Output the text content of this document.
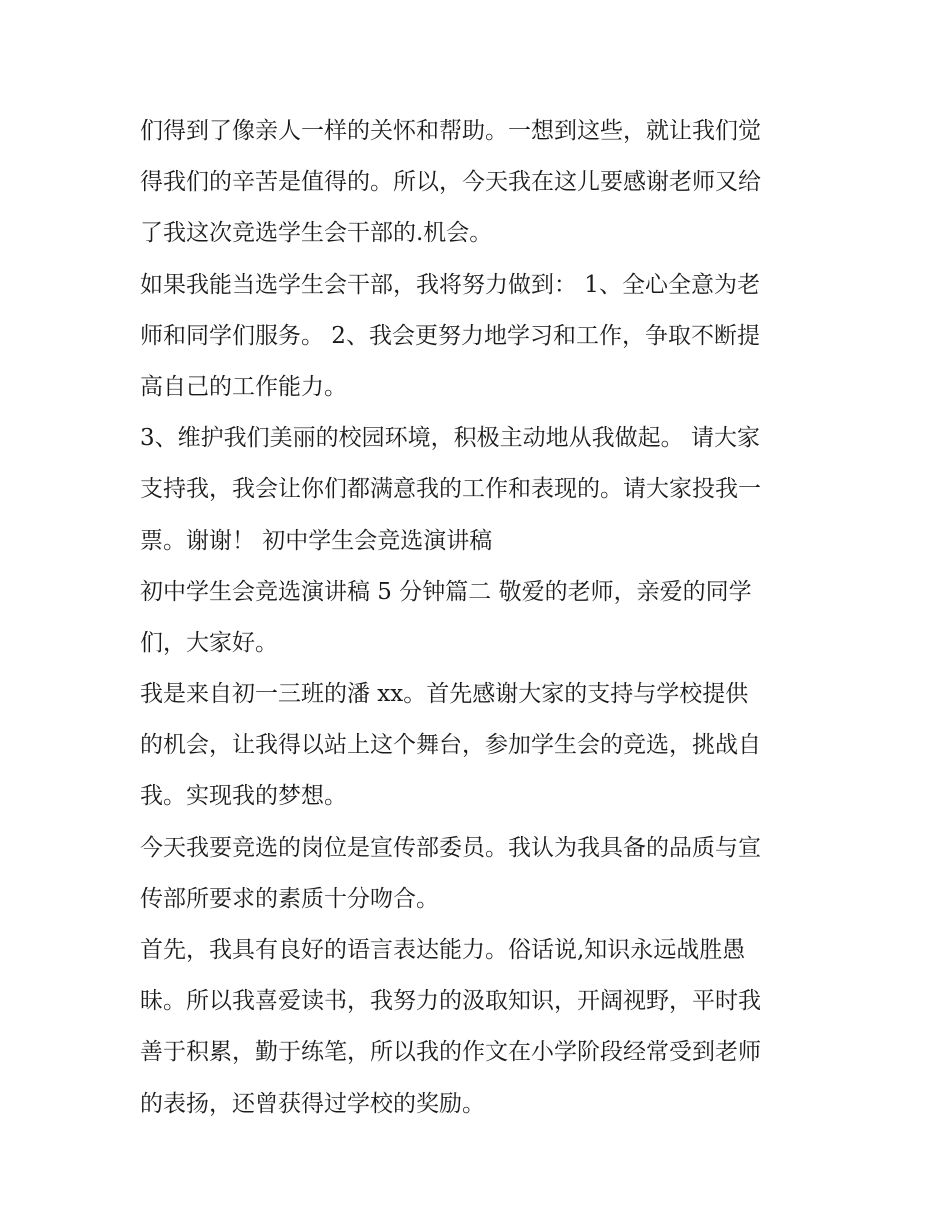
们得到了像亲人一样的关怀和帮助。一想到这些，就让我们觉
得我们的辛苦是值得的。所以，今天我在这儿要感谢老师又给
了我这次竞选学生会干部的.机会。
如果我能当选学生会干部，我将努力做到： 1、全心全意为老
师和同学们服务。 2、我会更努力地学习和工作，争取不断提
高自己的工作能力。
3、维护我们美丽的校园环境，积极主动地从我做起。 请大家
支持我，我会让你们都满意我的工作和表现的。请大家投我一
票。谢谢！ 初中学生会竞选演讲稿
初中学生会竞选演讲稿 5 分钟篇二 敬爱的老师，亲爱的同学
们，大家好。
我是来自初一三班的潘 xx。首先感谢大家的支持与学校提供
的机会，让我得以站上这个舞台，参加学生会的竞选，挑战自
我。实现我的梦想。
今天我要竞选的岗位是宣传部委员。我认为我具备的品质与宣
传部所要求的素质十分吻合。
首先，我具有良好的语言表达能力。俗话说,知识永远战胜愚
昧。所以我喜爱读书，我努力的汲取知识，开阔视野，平时我
善于积累，勤于练笔，所以我的作文在小学阶段经常受到老师
的表扬，还曾获得过学校的奖励。
